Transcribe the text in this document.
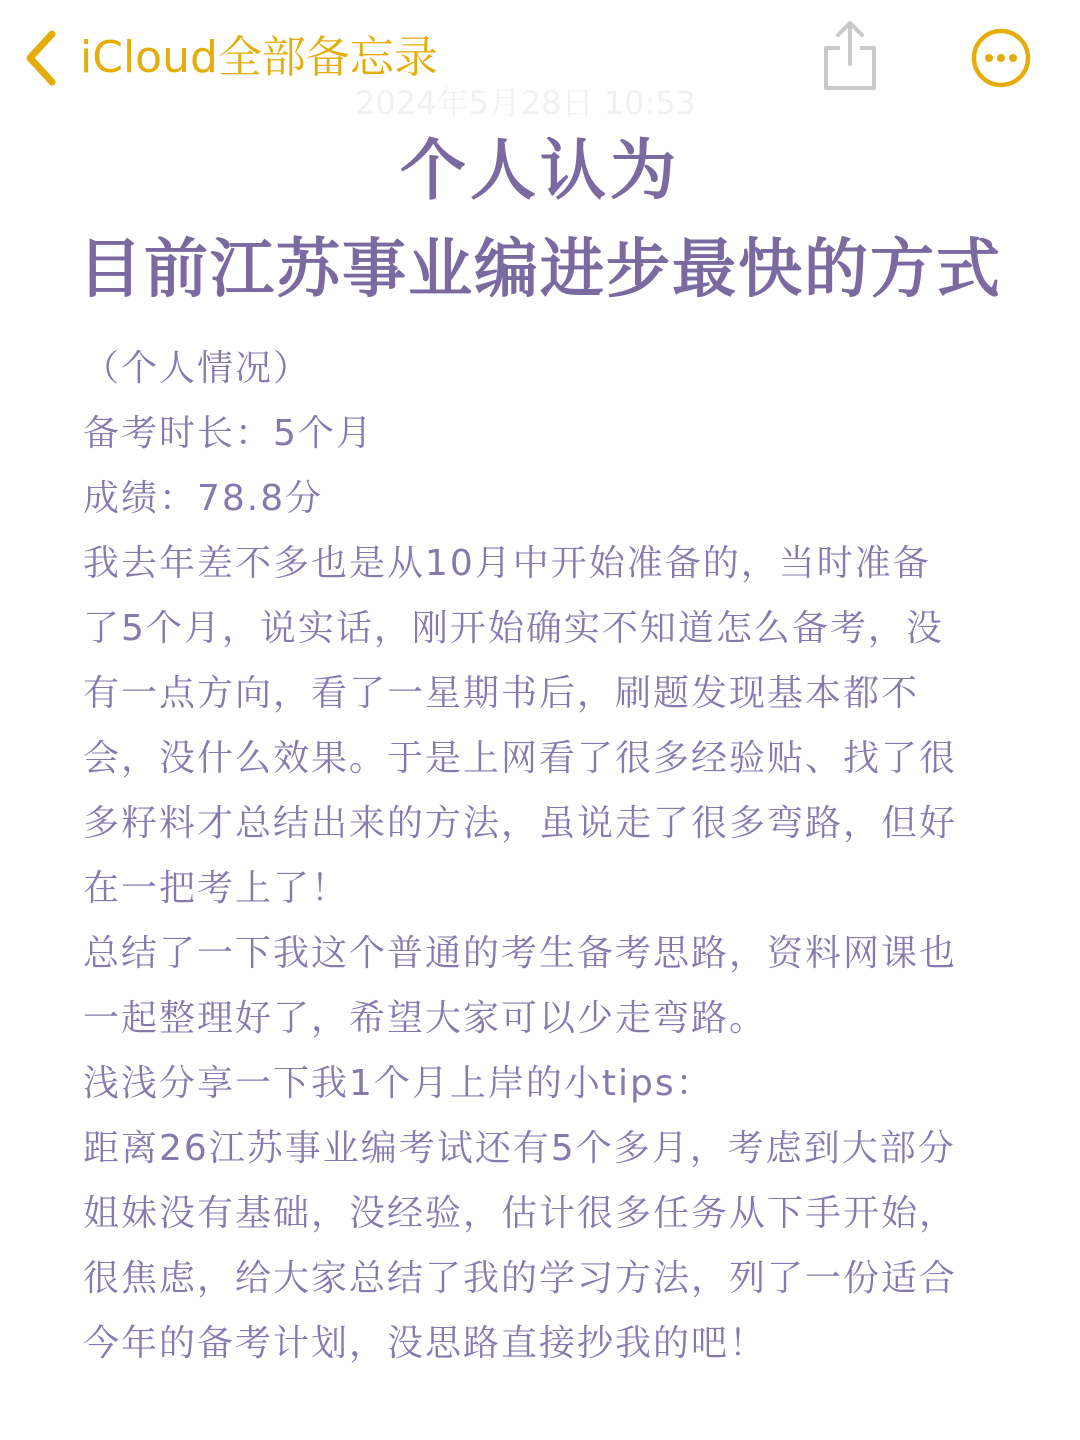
iCloud全部备忘录
2024年5月28日 10:53
个人认为
目前江苏事业编进步最快的方式
（个人情况）
备考时长：5个月
成绩：78.8分
我去年差不多也是从10月中开始准备的，当时准备
了5个月，说实话，刚开始确实不知道怎么备考，没
有一点方向，看了一星期书后，刷题发现基本都不
会，没什么效果。于是上网看了很多经验贴、找了很
多籽料才总结出来的方法，虽说走了很多弯路，但好
在一把考上了！
总结了一下我这个普通的考生备考思路，资料网课也
一起整理好了，希望大家可以少走弯路。
浅浅分享一下我1个月上岸的小tips：
距离26江苏事业编考试还有5个多月，考虑到大部分
姐妹没有基础，没经验，估计很多任务从下手开始，
很焦虑，给大家总结了我的学习方法，列了一份适合
今年的备考计划，没思路直接抄我的吧！
